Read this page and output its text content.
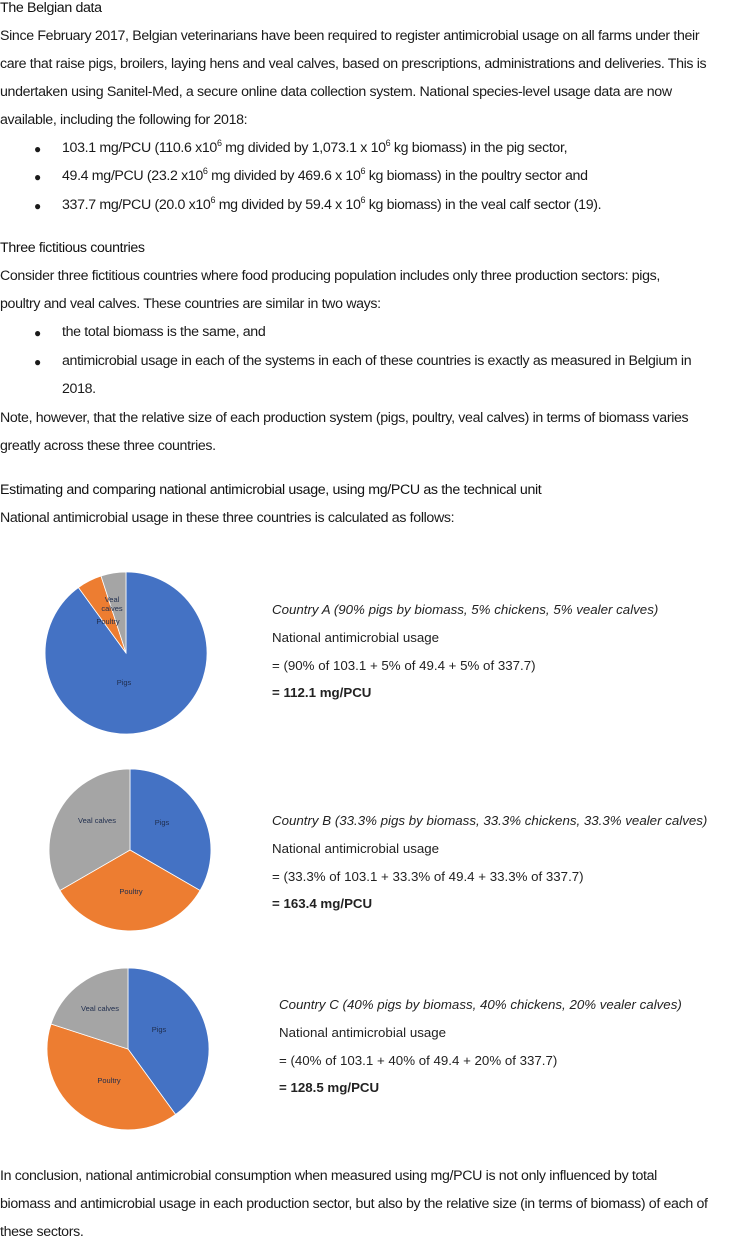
The Belgian data
Since February 2017, Belgian veterinarians have been required to register antimicrobial usage on all farms under their
care that raise pigs, broilers, laying hens and veal calves, based on prescriptions, administrations and deliveries. This is
undertaken using Sanitel-Med, a secure online data collection system. National species-level usage data are now
available, including the following for 2018:
● 103.1 mg/PCU (110.6 $x10^6$ mg divided by 1,073.1 x $10^6$ kg biomass) in the pig sector,
● 49.4 mg/PCU (23.2 $x10^6$ mg divided by 469.6 x $10^6$ kg biomass) in the poultry sector and
● 337.7 mg/PCU (20.0 $x10^6$ mg divided by 59.4 x $10^6$ kg biomass) in the veal calf sector (19).
Three fictitious countries
Consider three fictitious countries where food producing population includes only three production sectors: pigs,
poultry and veal calves. These countries are similar in two ways:
● the total biomass is the same, and
● antimicrobial usage in each of the systems in each of these countries is exactly as measured in Belgium in
2018.
Note, however, that the relative size of each production system (pigs, poultry, veal calves) in terms of biomass varies
greatly across these three countries.
Estimating and comparing national antimicrobial usage, using mg/PCU as the technical unit
National antimicrobial usage in these three countries is calculated as follows:
Pigs
Poultry
Veal
calves	Country A (90% pigs by biomass, 5% chickens, 5% vealer calves)
National antimicrobial usage
= (90% of 103.1 + 5% of 49.4 + 5% of 337.7)
= 112.1 mg/PCU
Pigs
Poultry
Veal calves	Country B (33.3% pigs by biomass, 33.3% chickens, 33.3% vealer calves)
National antimicrobial usage
= (33.3% of 103.1 + 33.3% of 49.4 + 33.3% of 337.7)
= 163.4 mg/PCU
Pigs
Poultry
Veal calves	Country C (40% pigs by biomass, 40% chickens, 20% vealer calves)
National antimicrobial usage
= (40% of 103.1 + 40% of 49.4 + 20% of 337.7)
= 128.5 mg/PCU
In conclusion, national antimicrobial consumption when measured using mg/PCU is not only influenced by total
biomass and antimicrobial usage in each production sector, but also by the relative size (in terms of biomass) of each of
these sectors.
